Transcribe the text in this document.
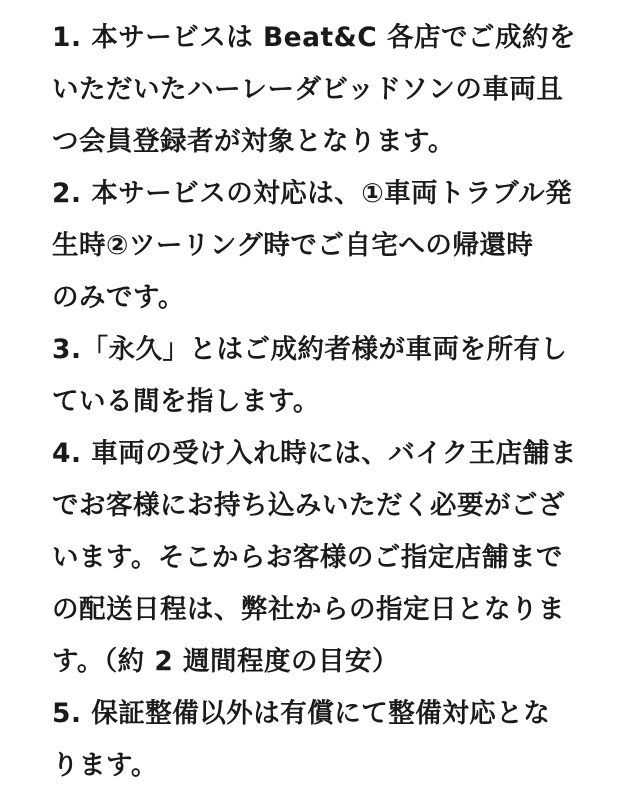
1. 本サービスは Beat&C 各店でご成約を
いただいたハーレーダビッドソンの車両且
つ会員登録者が対象となります。
2. 本サービスの対応は、①車両トラブル発
生時②ツーリング時でご自宅への帰還時
のみです。
3.「永久」とはご成約者様が車両を所有し
ている間を指します。
4. 車両の受け入れ時には、バイク王店舗ま
でお客様にお持ち込みいただく必要がござ
います。そこからお客様のご指定店舗まで
の配送日程は、弊社からの指定日となりま
す。（約 2 週間程度の目安）
5. 保証整備以外は有償にて整備対応とな
ります。
